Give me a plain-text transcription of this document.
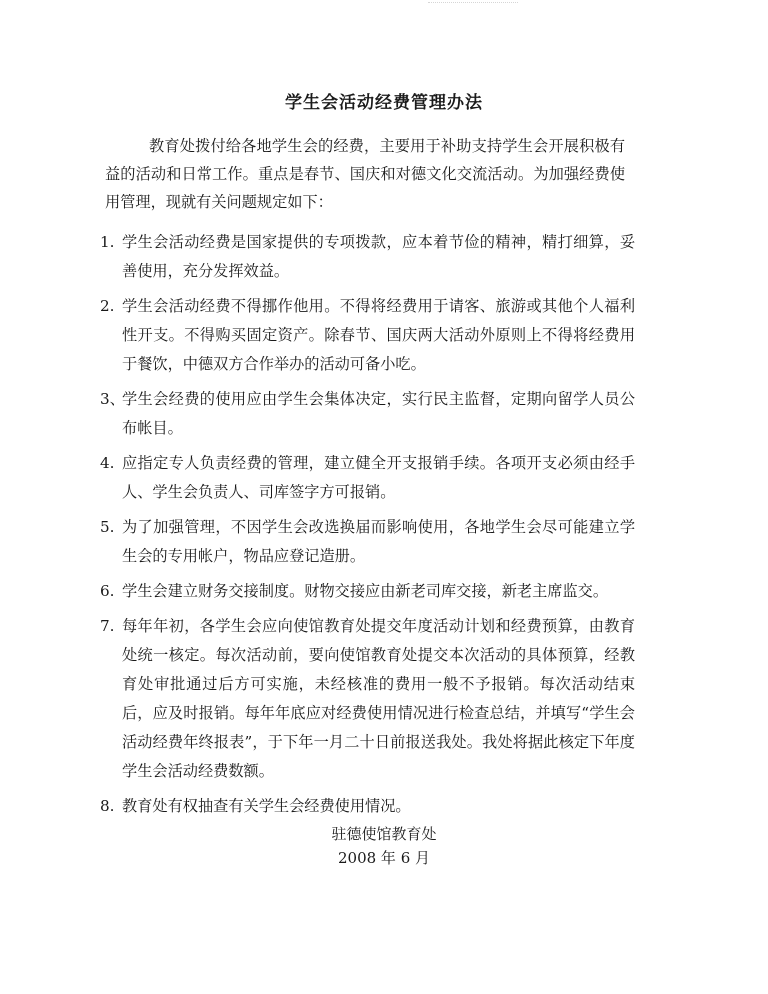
学生会活动经费管理办法
教育处拨付给各地学生会的经费，主要用于补助支持学生会开展积极有益的活动和日常工作。重点是春节、国庆和对德文化交流活动。为加强经费使用管理，现就有关问题规定如下：
1. 学生会活动经费是国家提供的专项拨款，应本着节俭的精神，精打细算，妥善使用，充分发挥效益。
2. 学生会活动经费不得挪作他用。不得将经费用于请客、旅游或其他个人福利性开支。不得购买固定资产。除春节、国庆两大活动外原则上不得将经费用于餐饮，中德双方合作举办的活动可备小吃。
3、
学生会经费的使用应由学生会集体决定，实行民主监督，定期向留学人员公布帐目。
4. 应指定专人负责经费的管理，建立健全开支报销手续。各项开支必须由经手人、学生会负责人、司库签字方可报销。
5. 为了加强管理，不因学生会改选换届而影响使用，各地学生会尽可能建立学生会的专用帐户，物品应登记造册。
6. 学生会建立财务交接制度。财物交接应由新老司库交接，新老主席监交。
7. 每年年初，各学生会应向使馆教育处提交年度活动计划和经费预算，由教育处统一核定。每次活动前，要向使馆教育处提交本次活动的具体预算，经教育处审批通过后方可实施，未经核准的费用一般不予报销。每次活动结束后，应及时报销。每年年底应对经费使用情况进行检查总结，并填写“学生会活动经费年终报表”，于下年一月二十日前报送我处。我处将据此核定下年度学生会活动经费数额。
8. 教育处有权抽查有关学生会经费使用情况。
驻德使馆教育处
2008 年 6 月
